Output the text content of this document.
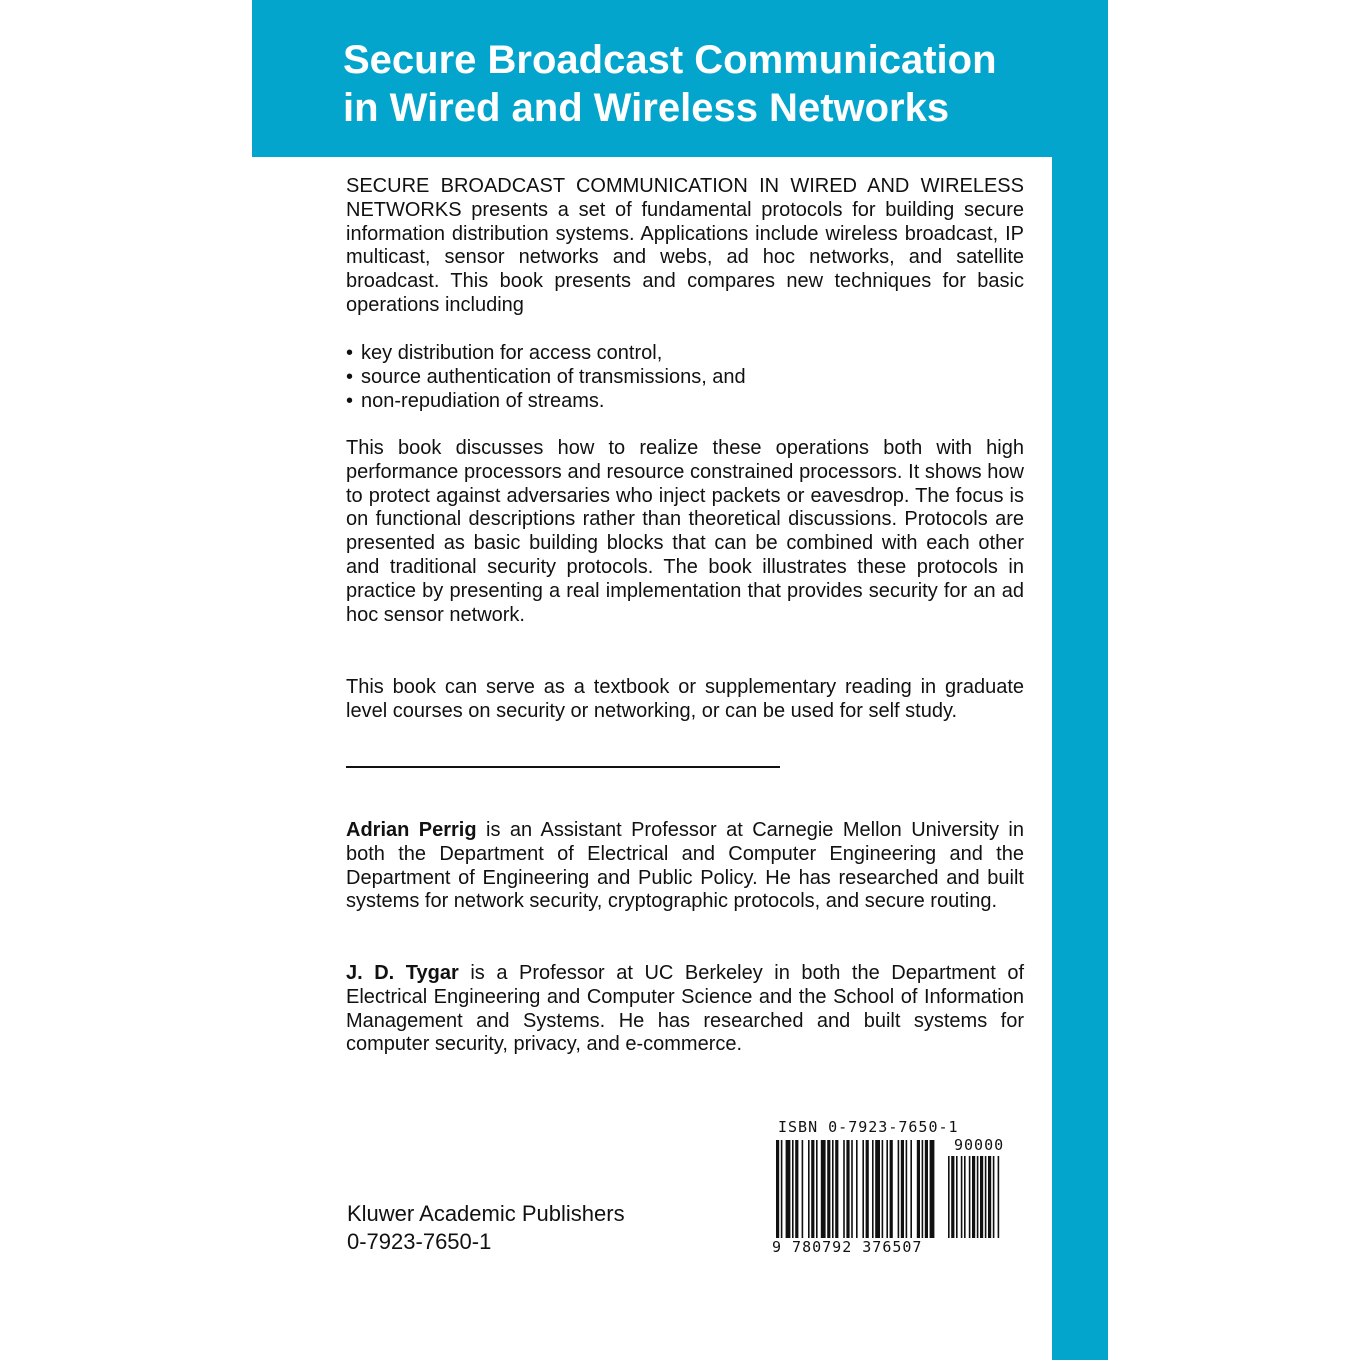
Secure Broadcast Communication
in Wired and Wireless Networks
SECURE BROADCAST COMMUNICATION IN WIRED AND WIRELESS NETWORKS presents a set of fundamental protocols for building secure information distribution systems. Applications include wireless broadcast, IP multicast, sensor networks and webs, ad hoc networks, and satellite broadcast. This book presents and compares new techniques for basic operations including
• key distribution for access control,
• source authentication of transmissions, and
• non-repudiation of streams.
This book discusses how to realize these operations both with high performance processors and resource constrained processors. It shows how to protect against adversaries who inject packets or eavesdrop. The focus is on functional descriptions rather than theoretical discussions. Protocols are presented as basic building blocks that can be combined with each other and traditional security protocols. The book illustrates these protocols in practice by presenting a real implementation that provides security for an ad hoc sensor network.
This book can serve as a textbook or supplementary reading in graduate level courses on security or networking, or can be used for self study.
Adrian Perrig is an Assistant Professor at Carnegie Mellon University in both the Department of Electrical and Computer Engineering and the Department of Engineering and Public Policy. He has researched and built systems for network security, cryptographic protocols, and secure routing.
J. D. Tygar is a Professor at UC Berkeley in both the Department of Electrical Engineering and Computer Science and the School of Information Management and Systems. He has researched and built systems for computer security, privacy, and e-commerce.
Kluwer Academic Publishers
0-7923-7650-1
ISBN 0-7923-7650-1
90000
9 780792 376507
